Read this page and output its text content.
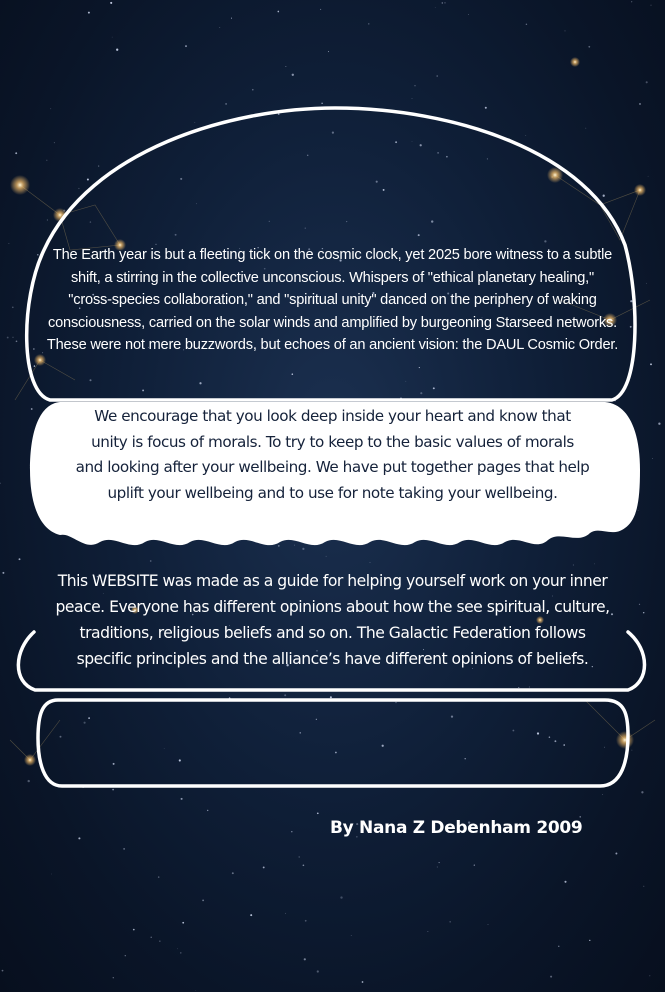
The Earth year is but a fleeting tick on the cosmic clock, yet 2025 bore witness to a subtle
shift, a stirring in the collective unconscious. Whispers of "ethical planetary healing,"
"cross-species collaboration," and "spiritual unity" danced on the periphery of waking
consciousness, carried on the solar winds and amplified by burgeoning Starseed networks.
These were not mere buzzwords, but echoes of an ancient vision: the DAUL Cosmic Order.

We encourage that you look deep inside your heart and know that
unity is focus of morals. To try to keep to the basic values of morals
and looking after your wellbeing. We have put together pages that help
uplift your wellbeing and to use for note taking your wellbeing.

This WEBSITE was made as a guide for helping yourself work on your inner
peace. Everyone has different opinions about how the see spiritual, culture,
traditions, religious beliefs and so on. The Galactic Federation follows
specific principles and the alliance’s have different opinions of beliefs.

By Nana Z Debenham 2009
